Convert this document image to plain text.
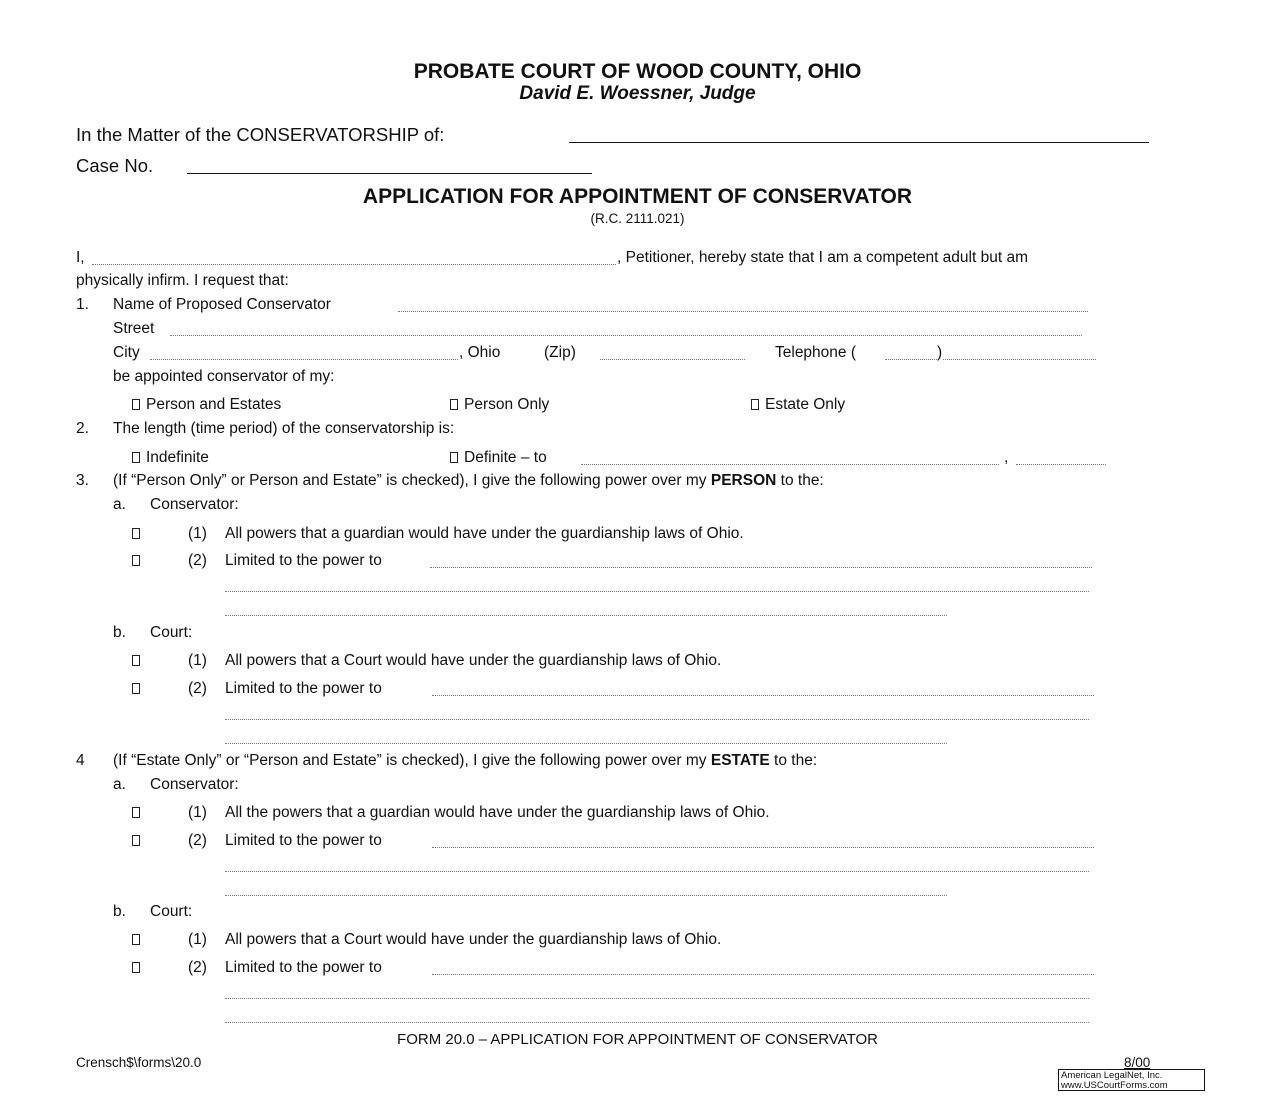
PROBATE COURT OF WOOD COUNTY, OHIO
David E. Woessner, Judge
In the Matter of the CONSERVATORSHIP of:
Case No.
APPLICATION FOR APPOINTMENT OF CONSERVATOR
(R.C. 2111.021)
I,	, Petitioner, hereby state that I am a competent adult but am
physically infirm. I request that:
1. Name of Proposed Conservator
Street
City	, Ohio	(Zip)	Telephone (	)
be appointed conservator of my:
Person and Estates	Person Only	Estate Only
2. The length (time period) of the conservatorship is:
Indefinite	Definite – to	,
3. (If “Person Only” or Person and Estate” is checked), I give the following power over my PERSON to the:
a. Conservator:
(1) All powers that a guardian would have under the guardianship laws of Ohio.
(2) Limited to the power to
b. Court:
(1) All powers that a Court would have under the guardianship laws of Ohio.
(2) Limited to the power to
4 (If “Estate Only” or “Person and Estate” is checked), I give the following power over my ESTATE to the:
a. Conservator:
(1) All the powers that a guardian would have under the guardianship laws of Ohio.
(2) Limited to the power to
b. Court:
(1) All powers that a Court would have under the guardianship laws of Ohio.
(2) Limited to the power to
FORM 20.0 – APPLICATION FOR APPOINTMENT OF CONSERVATOR
Crensch$\forms\20.0	8/00
American LegalNet, Inc.
www.USCourtForms.com
